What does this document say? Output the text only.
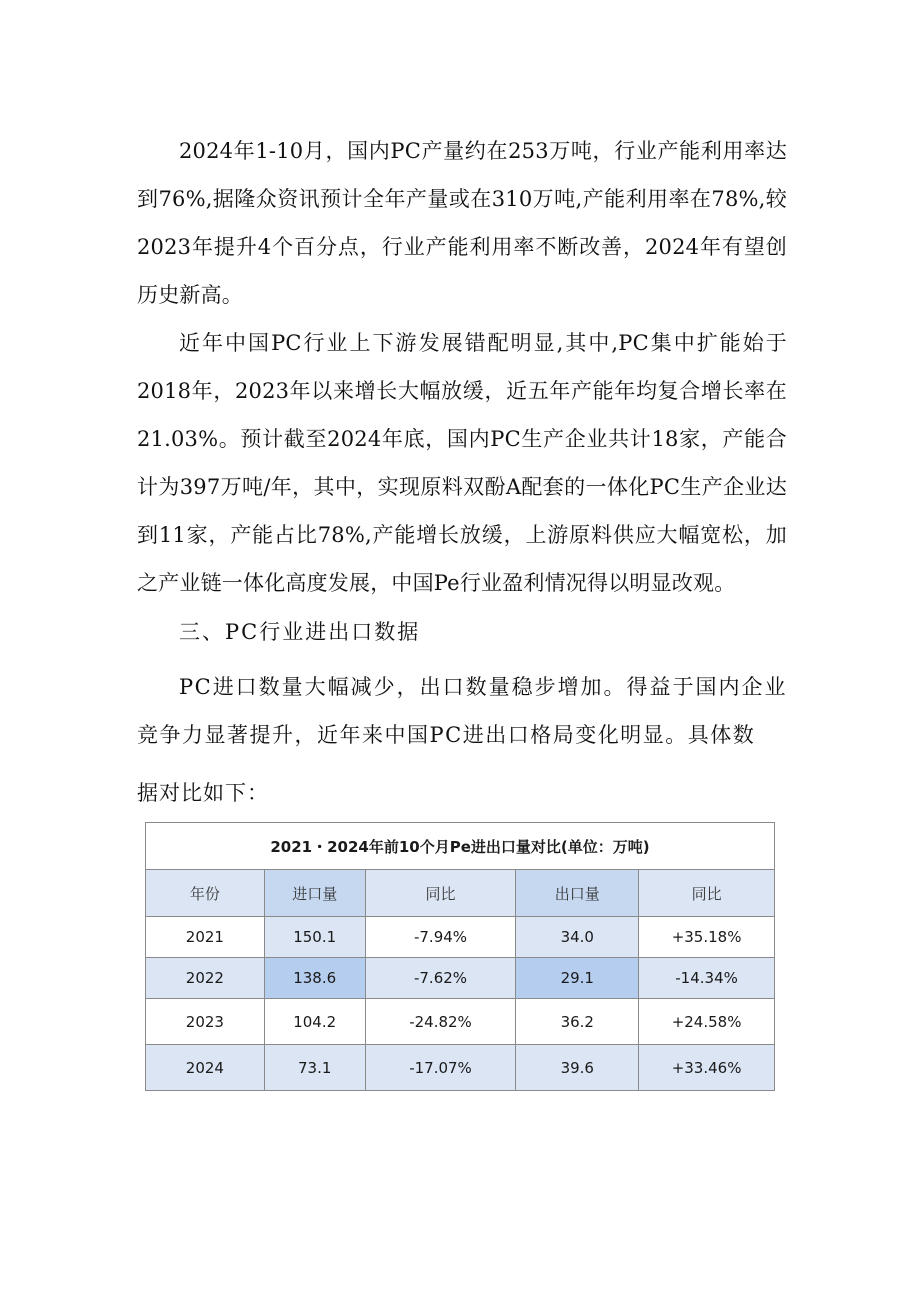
2024年1-10月，国内PC产量约在253万吨，行业产能利用率达到76%,据隆众资讯预计全年产量或在310万吨,产能利用率在78%,较2023年提升4个百分点，行业产能利用率不断改善，2024年有望创历史新高。

近年中国PC行业上下游发展错配明显,其中,PC集中扩能始于2018年，2023年以来增长大幅放缓，近五年产能年均复合增长率在21.03%。预计截至2024年底，国内PC生产企业共计18家，产能合计为397万吨/年，其中，实现原料双酚A配套的一体化PC生产企业达到11家，产能占比78%,产能增长放缓，上游原料供应大幅宽松，加之产业链一体化高度发展，中国Pe行业盈利情况得以明显改观。

三、PC行业进出口数据

PC进口数量大幅减少，出口数量稳步增加。得益于国内企业竞争力显著提升，近年来中国PC进出口格局变化明显。具体数

据对比如下：

2021・2024年前10个月Pe进出口量对比(单位：万吨)				
年份	进口量	同比	出口量	同比
2021	150.1	-7.94%	34.0	+35.18%
2022	138.6	-7.62%	29.1	-14.34%
2023	104.2	-24.82%	36.2	+24.58%
2024	73.1	-17.07%	39.6	+33.46%
